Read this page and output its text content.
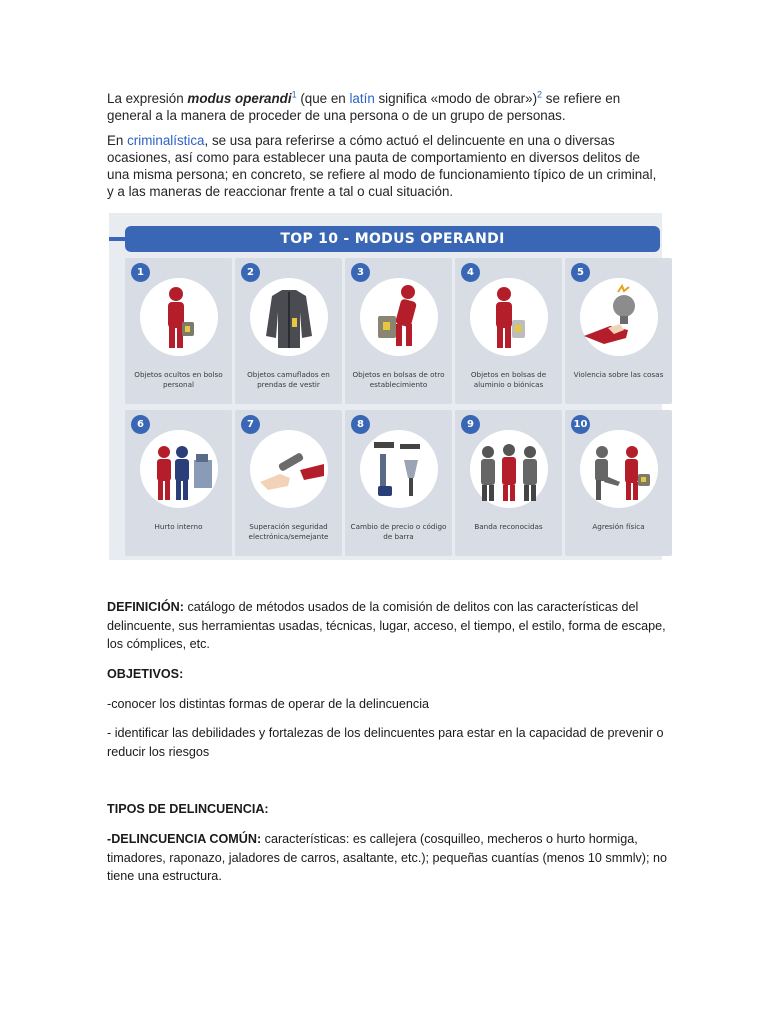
La expresión modus operandi$^1$ (que en latín significa «modo de obrar»)$^2$ se refiere en general a la manera de proceder de una persona o de un grupo de personas.

En criminalística, se usa para referirse a cómo actuó el delincuente en una o diversas ocasiones, así como para establecer una pauta de comportamiento en diversos delitos de una misma persona; en concreto, se refiere al modo de funcionamiento típico de un criminal, y a las maneras de reaccionar frente a tal o cual situación.

TOP 10 - MODUS OPERANDI
1
Objetos ocultos en bolso personal
2
Objetos camuflados en prendas de vestir
3
Objetos en bolsas de otro establecimiento
4
Objetos en bolsas de aluminio o biónicas
5
Violencia sobre las cosas
6
Hurto interno
7
Superación seguridad electrónica/semejante
8
Cambio de precio o código de barra
9
Banda reconocidas
10
Agresión física
DEFINICIÓN: catálogo de métodos usados de la comisión de delitos con las características del delincuente, sus herramientas usadas, técnicas, lugar, acceso, el tiempo, el estilo, forma de escape, los cómplices, etc.
OBJETIVOS:
-conocer los distintas formas de operar de la delincuencia
- identificar las debilidades y fortalezas de los delincuentes para estar en la capacidad de prevenir o reducir los riesgos
TIPOS DE DELINCUENCIA:
-DELINCUENCIA COMÚN: características: es callejera (cosquilleo, mecheros o hurto hormiga, timadores, raponazo, jaladores de carros, asaltante, etc.); pequeñas cuantías (menos 10 smmlv); no tiene una estructura.
